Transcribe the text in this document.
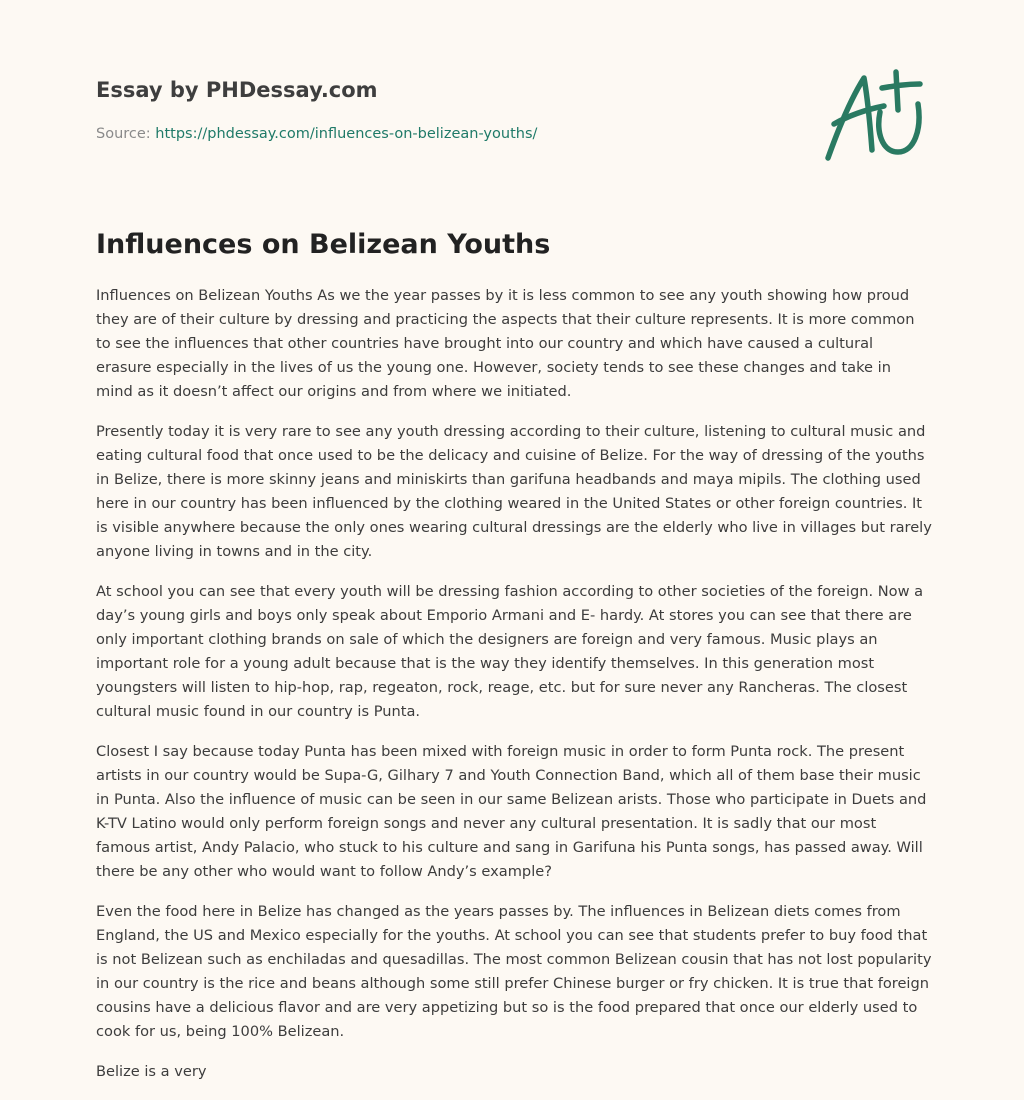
Essay by PHDessay.com
Source: https://phdessay.com/influences-on-belizean-youths/
Influences on Belizean Youths

Influences on Belizean Youths As we the year passes by it is less common to see any youth showing how proud they are of their culture by dressing and practicing the aspects that their culture represents. It is more common to see the influences that other countries have brought into our country and which have caused a cultural erasure especially in the lives of us the young one. However, society tends to see these changes and take in mind as it doesn’t affect our origins and from where we initiated.

Presently today it is very rare to see any youth dressing according to their culture, listening to cultural music and eating cultural food that once used to be the delicacy and cuisine of Belize. For the way of dressing of the youths in Belize, there is more skinny jeans and miniskirts than garifuna headbands and maya mipils. The clothing used here in our country has been influenced by the clothing weared in the United States or other foreign countries. It is visible anywhere because the only ones wearing cultural dressings are the elderly who live in villages but rarely anyone living in towns and in the city.

At school you can see that every youth will be dressing fashion according to other societies of the foreign. Now a day’s young girls and boys only speak about Emporio Armani and E- hardy. At stores you can see that there are only important clothing brands on sale of which the designers are foreign and very famous. Music plays an important role for a young adult because that is the way they identify themselves. In this generation most youngsters will listen to hip-hop, rap, regeaton, rock, reage, etc. but for sure never any Rancheras. The closest cultural music found in our country is Punta.

Closest I say because today Punta has been mixed with foreign music in order to form Punta rock. The present artists in our country would be Supa-G, Gilhary 7 and Youth Connection Band, which all of them base their music in Punta. Also the influence of music can be seen in our same Belizean arists. Those who participate in Duets and K-TV Latino would only perform foreign songs and never any cultural presentation. It is sadly that our most famous artist, Andy Palacio, who stuck to his culture and sang in Garifuna his Punta songs, has passed away. Will there be any other who would want to follow Andy’s example?

Even the food here in Belize has changed as the years passes by. The influences in Belizean diets comes from England, the US and Mexico especially for the youths. At school you can see that students prefer to buy food that is not Belizean such as enchiladas and quesadillas. The most common Belizean cousin that has not lost popularity in our country is the rice and beans although some still prefer Chinese burger or fry chicken. It is true that foreign cousins have a delicious flavor and are very appetizing but so is the food prepared that once our elderly used to cook for us, being 100% Belizean.

Belize is a very
